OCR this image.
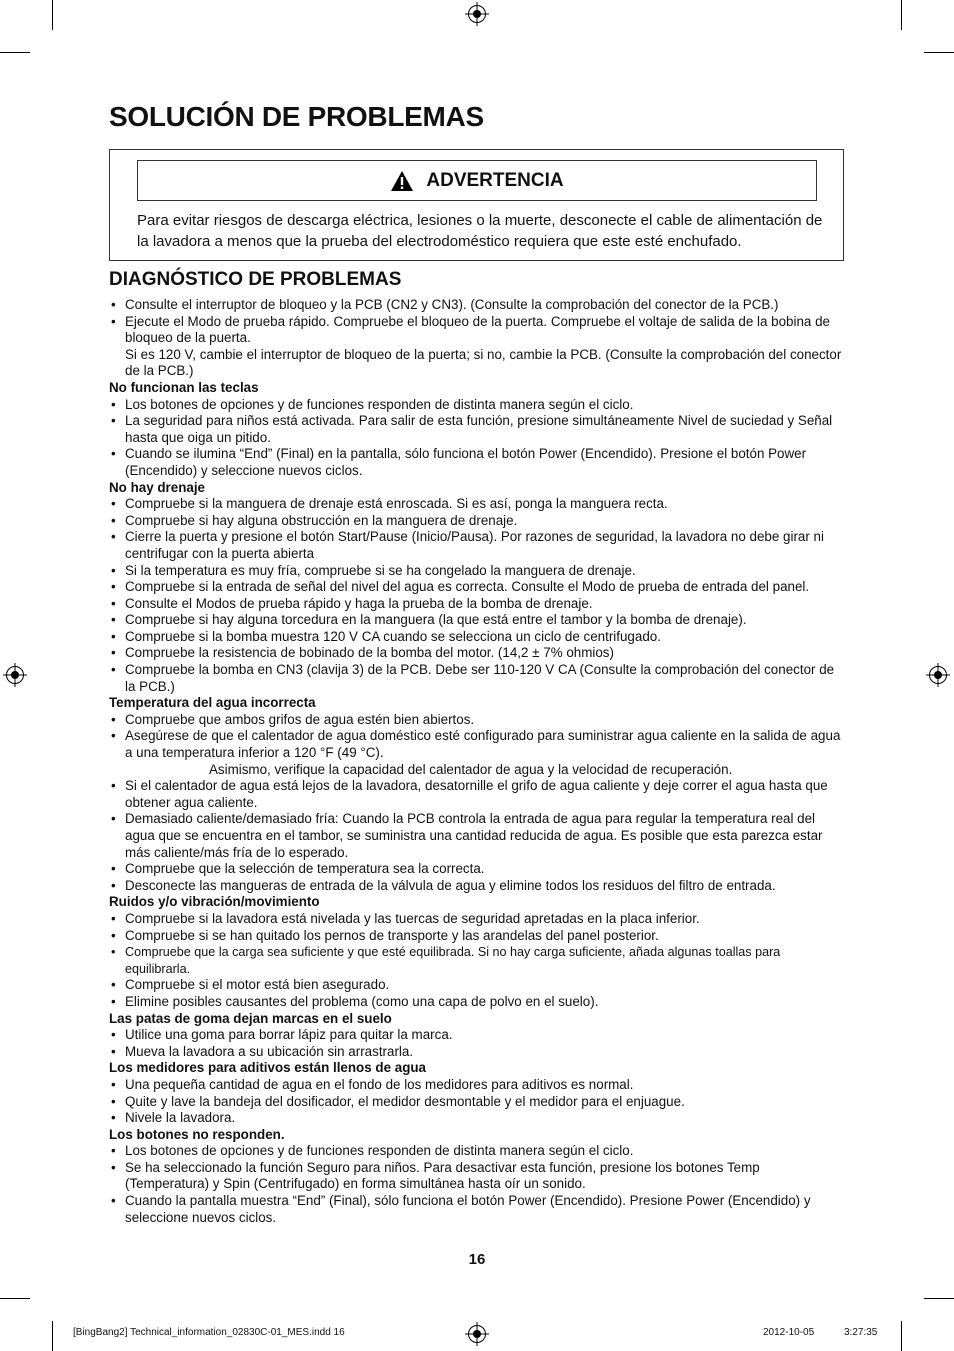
SOLUCIÓN DE PROBLEMAS
ADVERTENCIA
Para evitar riesgos de descarga eléctrica, lesiones o la muerte, desconecte el cable de alimentación de la lavadora a menos que la prueba del electrodoméstico requiera que este esté enchufado.
DIAGNÓSTICO DE PROBLEMAS
• Consulte el interruptor de bloqueo y la PCB (CN2 y CN3). (Consulte la comprobación del conector de la PCB.)
• Ejecute el Modo de prueba rápido. Compruebe el bloqueo de la puerta. Compruebe el voltaje de salida de la bobina de bloqueo de la puerta.
Si es 120 V, cambie el interruptor de bloqueo de la puerta; si no, cambie la PCB. (Consulte la comprobación del conector de la PCB.)
No funcionan las teclas
• Los botones de opciones y de funciones responden de distinta manera según el ciclo.
• La seguridad para niños está activada. Para salir de esta función, presione simultáneamente Nivel de suciedad y Señal hasta que oiga un pitido.
• Cuando se ilumina “End” (Final) en la pantalla, sólo funciona el botón Power (Encendido). Presione el botón Power (Encendido) y seleccione nuevos ciclos.
No hay drenaje
• Compruebe si la manguera de drenaje está enroscada. Si es así, ponga la manguera recta.
• Compruebe si hay alguna obstrucción en la manguera de drenaje.
• Cierre la puerta y presione el botón Start/Pause (Inicio/Pausa). Por razones de seguridad, la lavadora no debe girar ni centrifugar con la puerta abierta
• Si la temperatura es muy fría, compruebe si se ha congelado la manguera de drenaje.
• Compruebe si la entrada de señal del nivel del agua es correcta. Consulte el Modo de prueba de entrada del panel.
• Consulte el Modos de prueba rápido y haga la prueba de la bomba de drenaje.
• Compruebe si hay alguna torcedura en la manguera (la que está entre el tambor y la bomba de drenaje).
• Compruebe si la bomba muestra 120 V CA cuando se selecciona un ciclo de centrifugado.
• Compruebe la resistencia de bobinado de la bomba del motor. (14,2 ± 7% ohmios)
• Compruebe la bomba en CN3 (clavija 3) de la PCB. Debe ser 110-120 V CA (Consulte la comprobación del conector de la PCB.)
Temperatura del agua incorrecta
• Compruebe que ambos grifos de agua estén bien abiertos.
• Asegúrese de que el calentador de agua doméstico esté configurado para suministrar agua caliente en la salida de agua a una temperatura inferior a 120 °F (49 °C).
Asimismo, verifique la capacidad del calentador de agua y la velocidad de recuperación.
• Si el calentador de agua está lejos de la lavadora, desatornille el grifo de agua caliente y deje correr el agua hasta que obtener agua caliente.
• Demasiado caliente/demasiado fría: Cuando la PCB controla la entrada de agua para regular la temperatura real del agua que se encuentra en el tambor, se suministra una cantidad reducida de agua. Es posible que esta parezca estar más caliente/más fría de lo esperado.
• Compruebe que la selección de temperatura sea la correcta.
• Desconecte las mangueras de entrada de la válvula de agua y elimine todos los residuos del filtro de entrada.
Ruidos y/o vibración/movimiento
• Compruebe si la lavadora está nivelada y las tuercas de seguridad apretadas en la placa inferior.
• Compruebe si se han quitado los pernos de transporte y las arandelas del panel posterior.
• Compruebe que la carga sea suficiente y que esté equilibrada. Si no hay carga suficiente, añada algunas toallas para equilibrarla.
• Compruebe si el motor está bien asegurado.
• Elimine posibles causantes del problema (como una capa de polvo en el suelo).
Las patas de goma dejan marcas en el suelo
• Utilice una goma para borrar lápiz para quitar la marca.
• Mueva la lavadora a su ubicación sin arrastrarla.
Los medidores para aditivos están llenos de agua
• Una pequeña cantidad de agua en el fondo de los medidores para aditivos es normal.
• Quite y lave la bandeja del dosificador, el medidor desmontable y el medidor para el enjuague.
• Nivele la lavadora.
Los botones no responden.
• Los botones de opciones y de funciones responden de distinta manera según el ciclo.
• Se ha seleccionado la función Seguro para niños. Para desactivar esta función, presione los botones Temp (Temperatura) y Spin (Centrifugado) en forma simultánea hasta oír un sonido.
• Cuando la pantalla muestra “End” (Final), sólo funciona el botón Power (Encendido). Presione Power (Encendido) y seleccione nuevos ciclos.
16
[BingBang2] Technical_information_02830C-01_MES.indd 16	2012-10-05	3:27:35
